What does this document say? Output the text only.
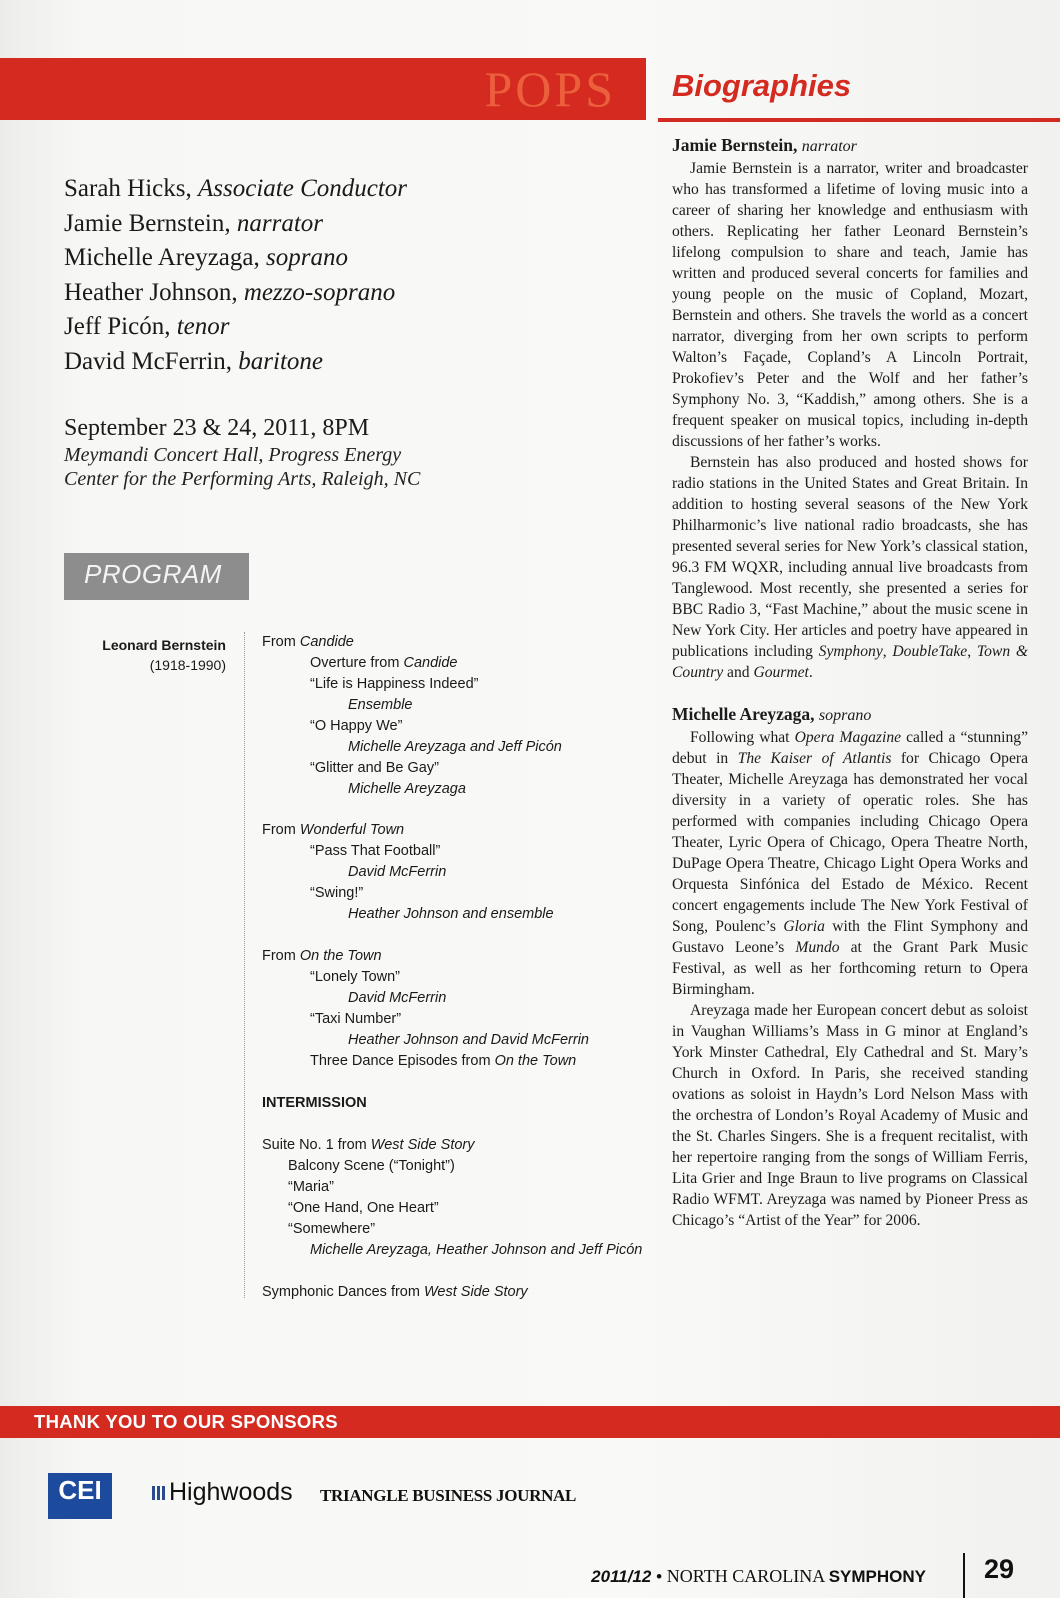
POPS Biographies
Sarah Hicks, Associate Conductor
Jamie Bernstein, narrator
Michelle Areyzaga, soprano
Heather Johnson, mezzo-soprano
Jeff Picón, tenor
David McFerrin, baritone
September 23 & 24, 2011, 8PM
Meymandi Concert Hall, Progress Energy
Center for the Performing Arts, Raleigh, NC
PROGRAM
Leonard Bernstein
(1918-1990)
From Candide
Overture from Candide
“Life is Happiness Indeed”
Ensemble
“O Happy We”
Michelle Areyzaga and Jeff Picón
“Glitter and Be Gay”
Michelle Areyzaga
From Wonderful Town
“Pass That Football”
David McFerrin
“Swing!”
Heather Johnson and ensemble
From On the Town
“Lonely Town”
David McFerrin
“Taxi Number”
Heather Johnson and David McFerrin
Three Dance Episodes from On the Town
INTERMISSION
Suite No. 1 from West Side Story
Balcony Scene (“Tonight”)
“Maria”
“One Hand, One Heart”
“Somewhere”
Michelle Areyzaga, Heather Johnson and Jeff Picón
Symphonic Dances from West Side Story
Jamie Bernstein, narrator

Jamie Bernstein is a narrator, writer and broadcaster who has transformed a lifetime of loving music into a career of sharing her knowledge and enthusiasm with others. Replicating her father Leonard Bernstein’s lifelong compulsion to share and teach, Jamie has written and produced several concerts for families and young people on the music of Copland, Mozart, Bernstein and others. She travels the world as a concert narrator, diverging from her own scripts to perform Walton’s Façade, Copland’s A Lincoln Portrait, Prokofiev’s Peter and the Wolf and her father’s Symphony No. 3, “Kaddish,” among others. She is a frequent speaker on musical topics, including in-depth discussions of her father’s works.

Bernstein has also produced and hosted shows for radio stations in the United States and Great Britain. In addition to hosting several seasons of the New York Philharmonic’s live national radio broadcasts, she has presented several series for New York’s classical station, 96.3 FM WQXR, including annual live broadcasts from Tanglewood. Most recently, she presented a series for BBC Radio 3, “Fast Machine,” about the music scene in New York City. Her articles and poetry have appeared in publications including Symphony, DoubleTake, Town & Country and Gourmet.

Michelle Areyzaga, soprano

Following what Opera Magazine called a “stunning” debut in The Kaiser of Atlantis for Chicago Opera Theater, Michelle Areyzaga has demonstrated her vocal diversity in a variety of operatic roles. She has performed with companies including Chicago Opera Theater, Lyric Opera of Chicago, Opera Theatre North, DuPage Opera Theatre, Chicago Light Opera Works and Orquesta Sinfónica del Estado de México. Recent concert engagements include The New York Festival of Song, Poulenc’s Gloria with the Flint Symphony and Gustavo Leone’s Mundo at the Grant Park Music Festival, as well as her forthcoming return to Opera Birmingham.

Areyzaga made her European concert debut as soloist in Vaughan Williams’s Mass in G minor at England’s York Minster Cathedral, Ely Cathedral and St. Mary’s Church in Oxford. In Paris, she received standing ovations as soloist in Haydn’s Lord Nelson Mass with the orchestra of London’s Royal Academy of Music and the St. Charles Singers. She is a frequent recitalist, with her repertoire ranging from the songs of William Ferris, Lita Grier and Inge Braun to live programs on Classical Radio WFMT. Areyzaga was named by Pioneer Press as Chicago’s “Artist of the Year” for 2006.

THANK YOU TO OUR SPONSORS
CEI	Highwoods TRIANGLE BUSINESS JOURNAL
2011/12 • NORTH CAROLINA SYMPHONY 29
